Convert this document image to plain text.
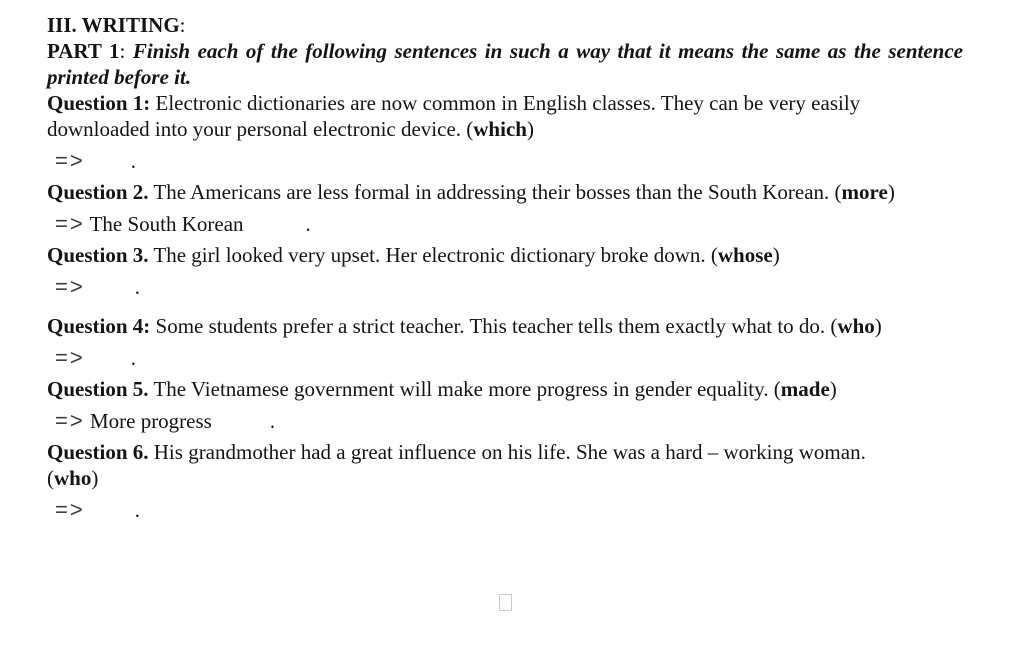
III. WRITING:

PART 1: Finish each of the following sentences in such a way that it means the same as the sentence printed before it.

Question 1: Electronic dictionaries are now common in English classes. They can be very easily downloaded into your personal electronic device. (which)

=> .

Question 2. The Americans are less formal in addressing their bosses than the South Korean. (more)

=> The South Korean	.

Question 3. The girl looked very upset. Her electronic dictionary broke down. (whose)

=> .

Question 4: Some students prefer a strict teacher. This teacher tells them exactly what to do. (who)

=> .

Question 5. The Vietnamese government will make more progress in gender equality. (made)

=> More progress	.

Question 6. His grandmother had a great influence on his life. She was a hard – working woman.
(who)

=> .
